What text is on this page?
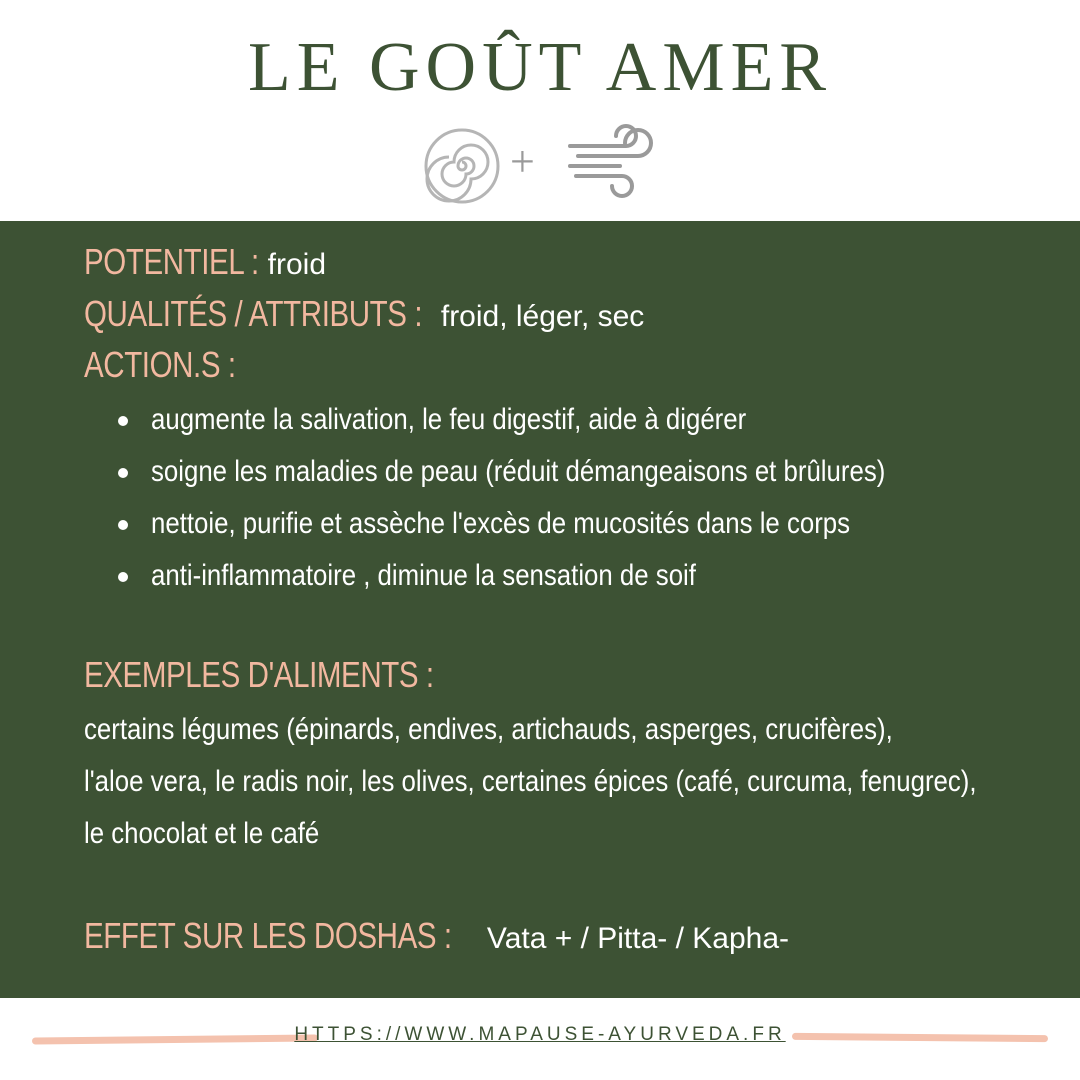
LE GOÛT AMER
+
POTENTIEL : froid
QUALITÉS / ATTRIBUTS : froid, léger, sec
ACTION.S :
augmente la salivation, le feu digestif, aide à digérer
soigne les maladies de peau (réduit démangeaisons et brûlures)
nettoie, purifie et assèche l'excès de mucosités dans le corps
anti-inflammatoire , diminue la sensation de soif
EXEMPLES D'ALIMENTS :
certains légumes (épinards, endives, artichauds, asperges, crucifères),
l'aloe vera, le radis noir, les olives, certaines épices (café, curcuma, fenugrec),
le chocolat et le café
EFFET SUR LES DOSHAS : Vata + / Pitta- / Kapha-
HTTPS://WWW.MAPAUSE-AYURVEDA.FR
